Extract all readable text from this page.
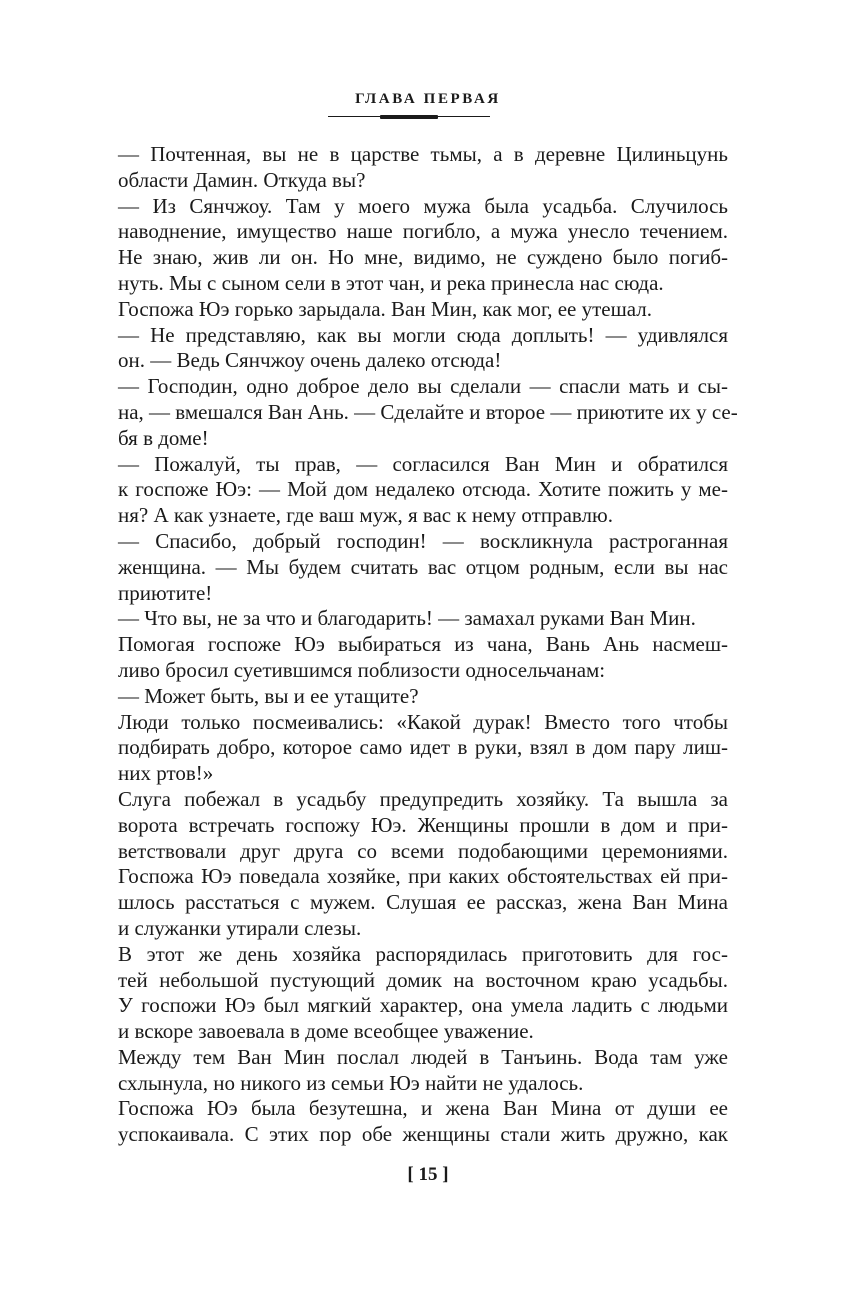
ГЛАВА ПЕРВАЯ

— Почтенная, вы не в царстве тьмы, а в деревне Цилиньцунь
области Дамин. Откуда вы?

— Из Сянчжоу. Там у моего мужа была усадьба. Случилось
наводнение, имущество наше погибло, а мужа унесло течением.
Не знаю, жив ли он. Но мне, видимо, не суждено было погиб-
нуть. Мы с сыном сели в этот чан, и река принесла нас сюда.

Госпожа Юэ горько зарыдала. Ван Мин, как мог, ее утешал.

— Не представляю, как вы могли сюда доплыть! — удивлялся
он. — Ведь Сянчжоу очень далеко отсюда!

— Господин, одно доброе дело вы сделали — спасли мать и сы-
на, — вмешался Ван Ань. — Сделайте и второе — приютите их у се-
бя в доме!

— Пожалуй, ты прав, — согласился Ван Мин и обратился
к госпоже Юэ: — Мой дом недалеко отсюда. Хотите пожить у ме-
ня? А как узнаете, где ваш муж, я вас к нему отправлю.

— Спасибо, добрый господин! — воскликнула растроганная
женщина. — Мы будем считать вас отцом родным, если вы нас
приютите!

— Что вы, не за что и благодарить! — замахал руками Ван Мин.

Помогая госпоже Юэ выбираться из чана, Вань Ань насмеш-
ливо бросил суетившимся поблизости односельчанам:

— Может быть, вы и ее утащите?

Люди только посмеивались: «Какой дурак! Вместо того чтобы
подбирать добро, которое само идет в руки, взял в дом пару лиш-
них ртов!»

Слуга побежал в усадьбу предупредить хозяйку. Та вышла за
ворота встречать госпожу Юэ. Женщины прошли в дом и при-
ветствовали друг друга со всеми подобающими церемониями.
Госпожа Юэ поведала хозяйке, при каких обстоятельствах ей при-
шлось расстаться с мужем. Слушая ее рассказ, жена Ван Мина
и служанки утирали слезы.

В этот же день хозяйка распорядилась приготовить для гос-
тей небольшой пустующий домик на восточном краю усадьбы.
У госпожи Юэ был мягкий характер, она умела ладить с людьми
и вскоре завоевала в доме всеобщее уважение.

Между тем Ван Мин послал людей в Танъинь. Вода там уже
схлынула, но никого из семьи Юэ найти не удалось.

Госпожа Юэ была безутешна, и жена Ван Мина от души ее
успокаивала. С этих пор обе женщины стали жить дружно, как

[ 15 ]
